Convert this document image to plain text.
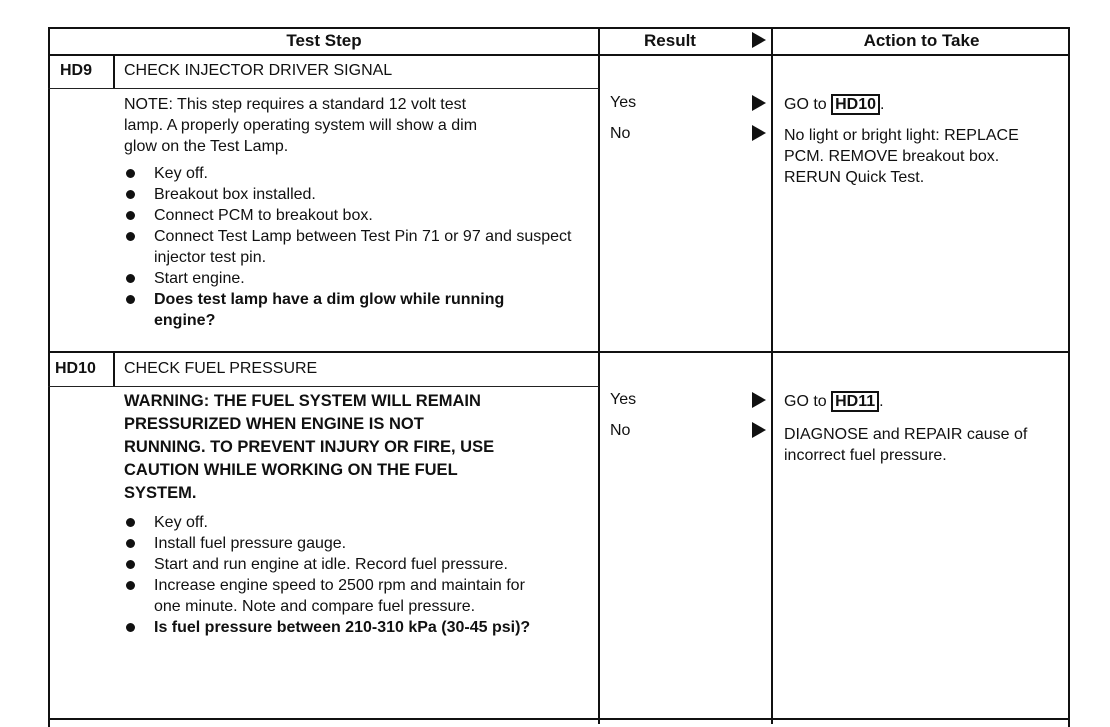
Test Step	Result	Action to Take
HD9 CHECK INJECTOR DRIVER SIGNAL
NOTE: This step requires a standard 12 volt test
lamp. A properly operating system will show a dim
glow on the Test Lamp.
Key off.
Breakout box installed.
Connect PCM to breakout box.
Connect Test Lamp between Test Pin 71 or 97 and suspect injector test pin.
Start engine.
Does test lamp have a dim glow while running engine?
Yes
No
GO to HD10 .
No light or bright light: REPLACE PCM. REMOVE breakout box. RERUN Quick Test.
HD10 CHECK FUEL PRESSURE
WARNING: THE FUEL SYSTEM WILL REMAIN
PRESSURIZED WHEN ENGINE IS NOT
RUNNING. TO PREVENT INJURY OR FIRE, USE
CAUTION WHILE WORKING ON THE FUEL
SYSTEM.
Key off.
Install fuel pressure gauge.
Start and run engine at idle. Record fuel pressure.
Increase engine speed to 2500 rpm and maintain for one minute. Note and compare fuel pressure.
Is fuel pressure between 210-310 kPa (30-45 psi)?
Yes
No
GO to HD11 .
DIAGNOSE and REPAIR cause of incorrect fuel pressure.
